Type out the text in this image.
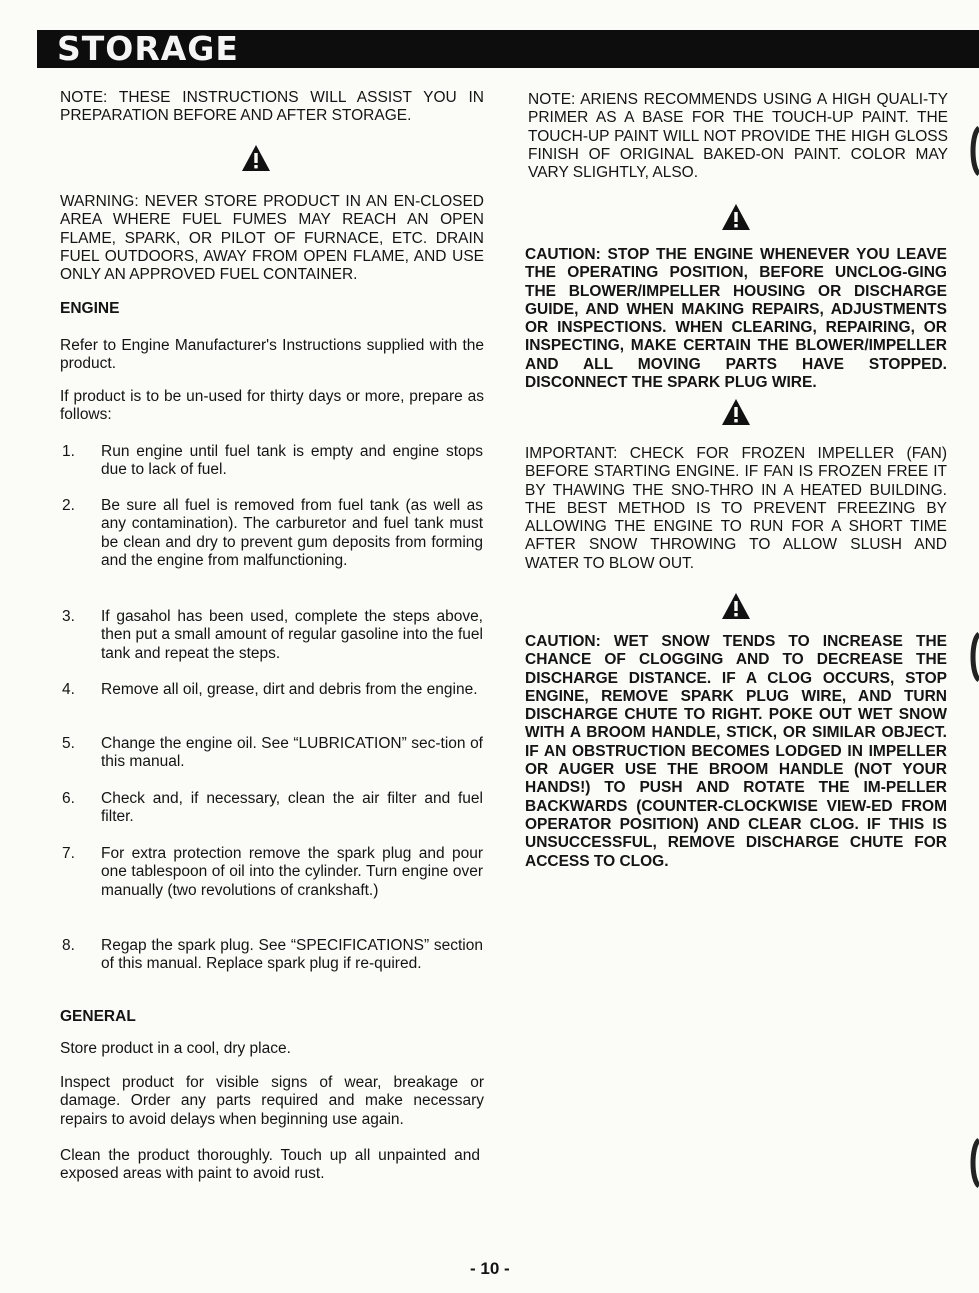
STORAGE

NOTE: THESE INSTRUCTIONS WILL ASSIST YOU IN PREPARATION BEFORE AND AFTER STORAGE.

WARNING: NEVER STORE PRODUCT IN AN EN-CLOSED AREA WHERE FUEL FUMES MAY REACH AN OPEN FLAME, SPARK, OR PILOT OF FURNACE, ETC. DRAIN FUEL OUTDOORS, AWAY FROM OPEN FLAME, AND USE ONLY AN APPROVED FUEL CONTAINER.

ENGINE

Refer to Engine Manufacturer's Instructions supplied with the product.

If product is to be un-used for thirty days or more, prepare as follows:

1. Run engine until fuel tank is empty and engine stops due to lack of fuel.

2. Be sure all fuel is removed from fuel tank (as well as any contamination). The carburetor and fuel tank must be clean and dry to prevent gum deposits from forming and the engine from malfunctioning.

3. If gasahol has been used, complete the steps above, then put a small amount of regular gasoline into the fuel tank and repeat the steps.

4. Remove all oil, grease, dirt and debris from the engine.

5. Change the engine oil. See “LUBRICATION” sec-tion of this manual.

6. Check and, if necessary, clean the air filter and fuel filter.

7. For extra protection remove the spark plug and pour one tablespoon of oil into the cylinder. Turn engine over manually (two revolutions of crankshaft.)

8. Regap the spark plug. See “SPECIFICATIONS” section of this manual. Replace spark plug if re-quired.

GENERAL

Store product in a cool, dry place.

Inspect product for visible signs of wear, breakage or damage. Order any parts required and make necessary repairs to avoid delays when beginning use again.

Clean the product thoroughly. Touch up all unpainted and exposed areas with paint to avoid rust.

NOTE: ARIENS RECOMMENDS USING A HIGH QUALI-TY PRIMER AS A BASE FOR THE TOUCH-UP PAINT. THE TOUCH-UP PAINT WILL NOT PROVIDE THE HIGH GLOSS FINISH OF ORIGINAL BAKED-ON PAINT. COLOR MAY VARY SLIGHTLY, ALSO.

CAUTION: STOP THE ENGINE WHENEVER YOU LEAVE THE OPERATING POSITION, BEFORE UNCLOG-GING THE BLOWER/IMPELLER HOUSING OR DISCHARGE GUIDE, AND WHEN MAKING REPAIRS, ADJUSTMENTS OR INSPECTIONS. WHEN CLEARING, REPAIRING, OR INSPECTING, MAKE CERTAIN THE BLOWER/IMPELLER AND ALL MOVING PARTS HAVE STOPPED. DISCONNECT THE SPARK PLUG WIRE.

IMPORTANT: CHECK FOR FROZEN IMPELLER (FAN) BEFORE STARTING ENGINE. IF FAN IS FROZEN FREE IT BY THAWING THE SNO-THRO IN A HEATED BUILDING. THE BEST METHOD IS TO PREVENT FREEZING BY ALLOWING THE ENGINE TO RUN FOR A SHORT TIME AFTER SNOW THROWING TO ALLOW SLUSH AND WATER TO BLOW OUT.

CAUTION: WET SNOW TENDS TO INCREASE THE CHANCE OF CLOGGING AND TO DECREASE THE DISCHARGE DISTANCE. IF A CLOG OCCURS, STOP ENGINE, REMOVE SPARK PLUG WIRE, AND TURN DISCHARGE CHUTE TO RIGHT. POKE OUT WET SNOW WITH A BROOM HANDLE, STICK, OR SIMILAR OBJECT. IF AN OBSTRUCTION BECOMES LODGED IN IMPELLER OR AUGER USE THE BROOM HANDLE (NOT YOUR HANDS!) TO PUSH AND ROTATE THE IM-PELLER BACKWARDS (COUNTER-CLOCKWISE VIEW-ED FROM OPERATOR POSITION) AND CLEAR CLOG. IF THIS IS UNSUCCESSFUL, REMOVE DISCHARGE CHUTE FOR ACCESS TO CLOG.

- 10 -
